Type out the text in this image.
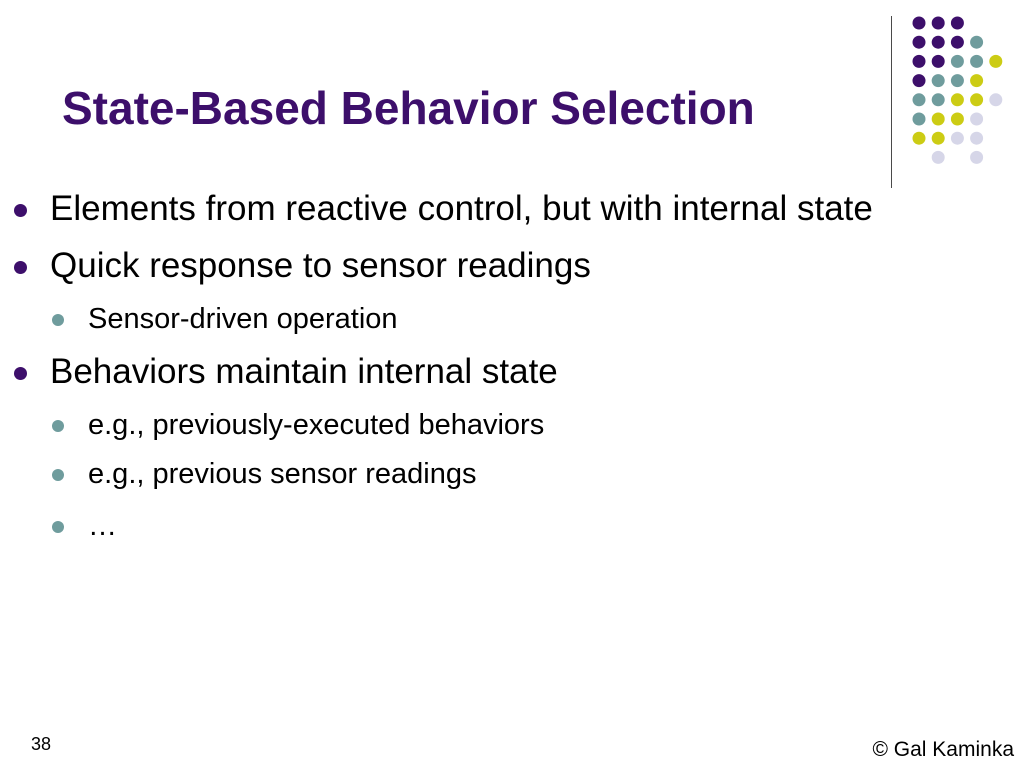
State-Based Behavior Selection
Elements from reactive control, but with internal state
Quick response to sensor readings
Sensor-driven operation
Behaviors maintain internal state
e.g., previously-executed behaviors
e.g., previous sensor readings
…
38	© Gal Kaminka
